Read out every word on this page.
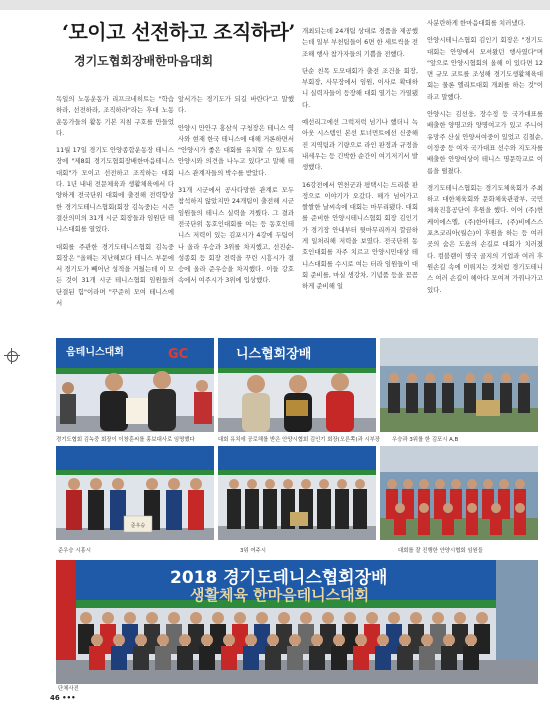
‘모이고 선전하고 조직하라’
경기도협회장배한마음대회

독일의 노동운동가 리프크네히트는 "학습하라, 선전하라, 조직하라"라는 후대 노동운동가들의 활동 기본 지침 구호를 만들었다.

11월 17일 경기도 안양종합운동장 테니스장에 "제8회 경기도협회장배한마음테니스대회"가 모이고 선전하고 조직하는 대회다. 1년 내내 전문체육과 생활체육에서 다양하게 전국단위 대회에 출전해 전력향상 한 경기도테니스협회(회장 김녹중)는 시즌 결산의미의 31개 시군 회장들과 임원단 테니스대회를 열었다.

대회를 주관한 경기도테니스협회 김녹중 회장은 "올해는 지난해보다 테니스 부문에서 경기도가 빼어난 성적을 거뒀는데 이 모든 것이 31개 시군 테니스협회 임원들의 단결된 힘"이라며 "꾸준히 모여 테니스에서

앞서가는 경기도가 되길 바란다"고 말했다.

안양시 만안구 홍삼식 구청장은 테니스 역사와 현재 한국 테니스에 대해 거론하면서 "안양시가 좋은 대회를 유치할 수 있도록 안양시와 의견을 나누고 있다"고 말해 테니스 관계자들의 박수를 받았다.

31개 시군에서 공사다망한 관계로 모두 참석하지 않았지만 24개팀이 출전해 시군 임원들의 테니스 실력을 겨뤘다. 그 결과 전국단위 동호인대회를 여는 등 동호인테니스 저력이 있는 김포시가 4강에 두팀이나 올라 우승과 3위를 차지했고, 선진순-성종회 등 회장 전력을 꾸린 시흥시가 결승에 올라 준우승을 차지했다. 이들 강호속에서 여주시가 3위에 입상했다.

개최되는데 24개팀 상대로 경품을 제공했는데 일부 부천팀들이 6면 한 세트씩을 전조해 행사 참가자들의 기쁨을 전했다.

단순 친목 도모대회가 출전 조건을 회장, 부회장, 사무장에서 임원, 이사로 확대하니 실력자들이 등장해 대회 열기는 가열됐다.

예선리그에선 그럭저럭 넘기나 했더니 녹아웃 시스템인 본선 토너먼트에선 신중해진 지역팀과 기량으로 라인 판정과 규정을 내세우는 등 긴박한 순간이 여기저기서 발생했다.

16강전에서 연천군과 평택시는 드리블 판정으로 이야기가 오갔다. 해가 넘어가고 쌀쌀한 날씨속에 대회는 마무리됐다. 대회를 준비한 안양시테니스협회 회장 김인기가 경기장 안내부터 뒷마무리까지 깔끔하게 일처리해 저력을 보였다. 전국단위 동호인대회를 자주 치르고 안양시민대상 테니스대회를 수시로 여는 터라 임원들이 대회 준비를, 마실 생강차, 기념품 등을 꼼꼼하게 준비해 일

사분란하게 한마음대회를 치러냈다.

안양시테니스협회 김인기 회장은 "경기도대회는 안양에서 모셔왔던 행사였다"며 "앞으로 안양시협회의 올해 이 있다면 12면 규모 코트를 조성해 경기도생활체육대회는 물론 엘리트대회 개최를 하는 것"이라고 말했다.

안양시는 김선웅, 장수정 등 국가대표를 배출한 양명고와 양명여고가 있고 주니어 유망주 산실 안양서여중이 있었고 김철순, 이정중 등 여자 국가대표 선수와 지도자를 배출한 안양여상이 테니스 명문학교로 이름을 떨쳤다.

경기도테니스협회는 경기도체육회가 주최하고 대한체육회와 문화체육관광부, 국민체육진흥공단이 후원을 했다. 이어 (주)헌케이에스엘, (주)한아테크, (주)비에스스포츠코리아(월슨)이 후원을 하는 등 여러곳의 숨은 도움의 손길로 대회가 치러졌다. 컴블랜이 명국 골지의 기업과 여러 후원손길 속에 이뤄지는 것처럼 경기도테니스 여러 손길이 헤아다 모여져 가꿔나가고 있다.

GC
경기도협회 김녹중 회장이 이창훈씨를 홍보대사로 임명했다
니스협회장배
음테니스대회
대회 유치에 공로해를 받은 안양시협회 김인기 회장(오른쪽)과 시부장 우승과 3위를 한 김포시 A,B
준우승
준우승 시흥시	3위 여주시	대회를 잘 진행한 안양시협회 임원들
2018 경기도테니스협회장배
생활체육 한마음테니스대회
단체사진
46 •••
